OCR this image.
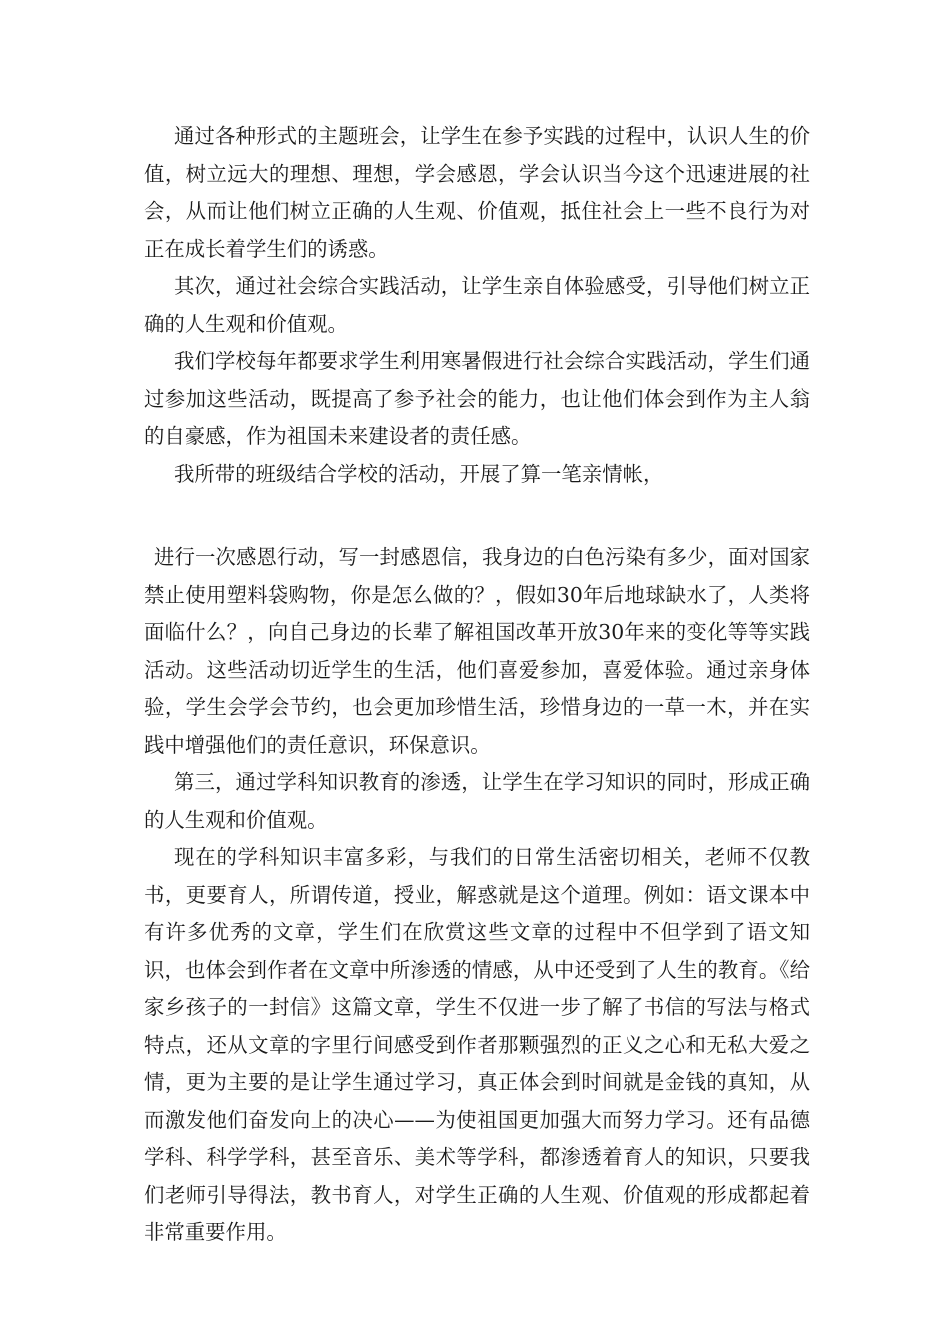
通过各种形式的主题班会，让学生在参予实践的过程中，认识人生的价值，树立远大的理想、理想，学会感恩，学会认识当今这个迅速进展的社会，从而让他们树立正确的人生观、价值观，抵住社会上一些不良行为对正在成长着学生们的诱惑。

其次，通过社会综合实践活动，让学生亲自体验感受，引导他们树立正确的人生观和价值观。

我们学校每年都要求学生利用寒暑假进行社会综合实践活动，学生们通过参加这些活动，既提高了参予社会的能力，也让他们体会到作为主人翁的自豪感，作为祖国未来建设者的责任感。

我所带的班级结合学校的活动，开展了算一笔亲情帐，

进行一次感恩行动，写一封感恩信，我身边的白色污染有多少，面对国家禁止使用塑料袋购物，你是怎么做的？，假如30年后地球缺水了，人类将面临什么？，向自己身边的长辈了解祖国改革开放30年来的变化等等实践活动。这些活动切近学生的生活，他们喜爱参加，喜爱体验。通过亲身体验，学生会学会节约，也会更加珍惜生活，珍惜身边的一草一木，并在实践中增强他们的责任意识，环保意识。

第三，通过学科知识教育的渗透，让学生在学习知识的同时，形成正确的人生观和价值观。

现在的学科知识丰富多彩，与我们的日常生活密切相关，老师不仅教书，更要育人，所谓传道，授业，解惑就是这个道理。例如：语文课本中有许多优秀的文章，学生们在欣赏这些文章的过程中不但学到了语文知识，也体会到作者在文章中所渗透的情感，从中还受到了人生的教育。《给家乡孩子的一封信》这篇文章，学生不仅进一步了解了书信的写法与格式特点，还从文章的字里行间感受到作者那颗强烈的正义之心和无私大爱之情，更为主要的是让学生通过学习，真正体会到时间就是金钱的真知，从而激发他们奋发向上的决心——为使祖国更加强大而努力学习。还有品德学科、科学学科，甚至音乐、美术等学科，都渗透着育人的知识，只要我们老师引导得法，教书育人，对学生正确的人生观、价值观的形成都起着非常重要作用。
